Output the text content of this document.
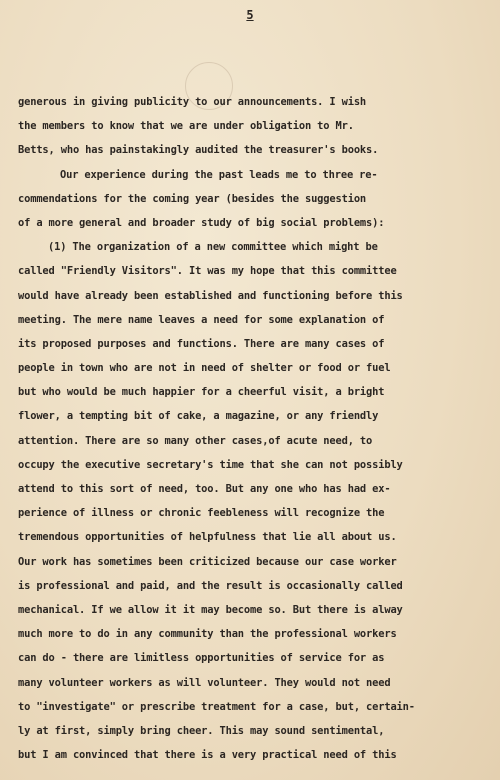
5
generous in giving publicity to our announcements. I wish
the members to know that we are under obligation to Mr.
Betts, who has painstakingly audited the treasurer's books.
Our experience during the past leads me to three re-
commendations for the coming year (besides the suggestion
of a more general and broader study of big social problems):
(1) The organization of a new committee which might be
called "Friendly Visitors". It was my hope that this committee
would have already been established and functioning before this
meeting. The mere name leaves a need for some explanation of
its proposed purposes and functions. There are many cases of
people in town who are not in need of shelter or food or fuel
but who would be much happier for a cheerful visit, a bright
flower, a tempting bit of cake, a magazine, or any friendly
attention. There are so many other cases,of acute need, to
occupy the executive secretary's time that she can not possibly
attend to this sort of need, too. But any one who has had ex-
perience of illness or chronic feebleness will recognize the
tremendous opportunities of helpfulness that lie all about us.
Our work has sometimes been criticized because our case worker
is professional and paid, and the result is occasionally called
mechanical. If we allow it it may become so. But there is alway
much more to do in any community than the professional workers
can do - there are limitless opportunities of service for as
many volunteer workers as will volunteer. They would not need
to "investigate" or prescribe treatment for a case, but, certain-
ly at first, simply bring cheer. This may sound sentimental,
but I am convinced that there is a very practical need of this
